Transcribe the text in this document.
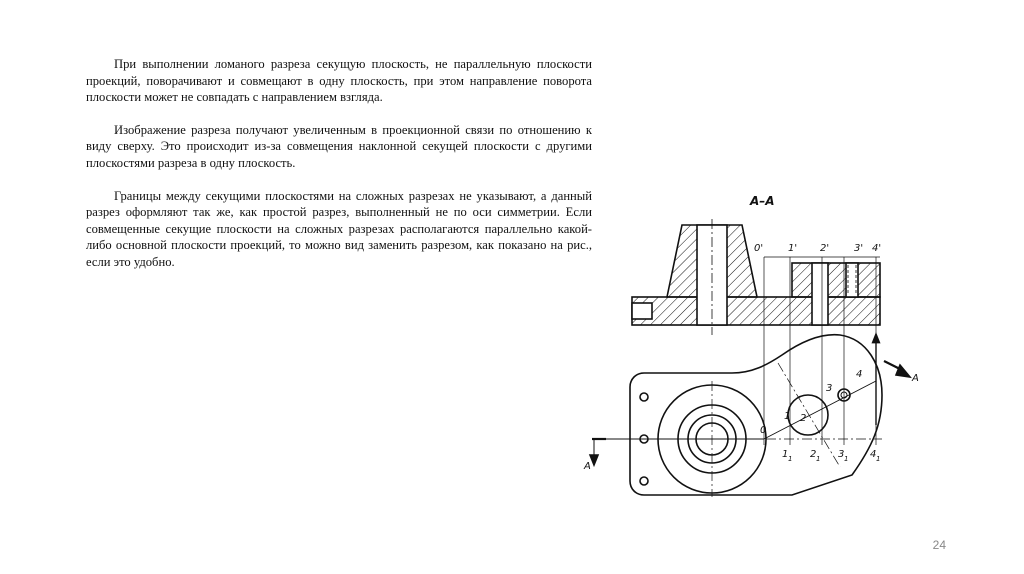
При выполнении ломаного разреза секущую плоскость, не параллельную плоскости проекций, поворачивают и совмещают в одну плоскость, при этом направление поворота плоскости может не совпадать с направлением взгляда.

Изображение разреза получают увеличенным в проекционной связи по отношению к виду сверху. Это происходит из-за совмещения наклонной секущей плоскости с другими плоскостями разреза в одну плоскость.

Границы между секущими плоскостями на сложных разрезах не указывают, а данный разрез оформляют так же, как простой разрез, выполненный не по оси симметрии. Если совмещенные секущие плоскости на сложных разрезах располагаются параллельно какой-либо основной плоскости проекций, то можно вид заменить разрезом, как показано на рис., если это удобно.

А–А
0' 1' 2' 3' 4'
0
1 2
3
4
1 1 2 1 3 1 4 1
А
А
24
